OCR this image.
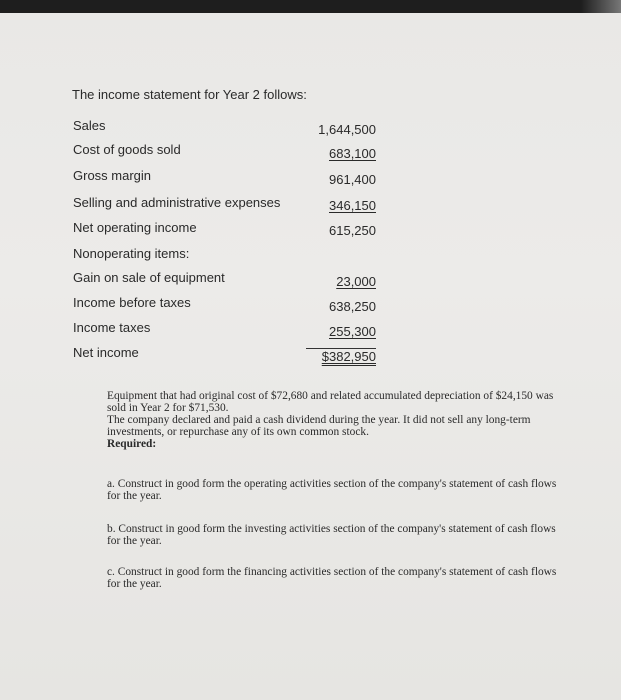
The income statement for Year 2 follows:
Sales	1,644,500
Cost of goods sold	683,100
Gross margin	961,400
Selling and administrative expenses	346,150
Net operating income	615,250
Nonoperating items:
Gain on sale of equipment	23,000
Income before taxes	638,250
Income taxes	255,300
Net income	$382,950
Equipment that had original cost of $72,680 and related accumulated depreciation of $24,150 was sold in Year 2 for $71,530.
The company declared and paid a cash dividend during the year. It did not sell any long-term investments, or repurchase any of its own common stock.
Required:
a. Construct in good form the operating activities section of the company's statement of cash flows for the year.
b. Construct in good form the investing activities section of the company's statement of cash flows for the year.
c. Construct in good form the financing activities section of the company's statement of cash flows for the year.
